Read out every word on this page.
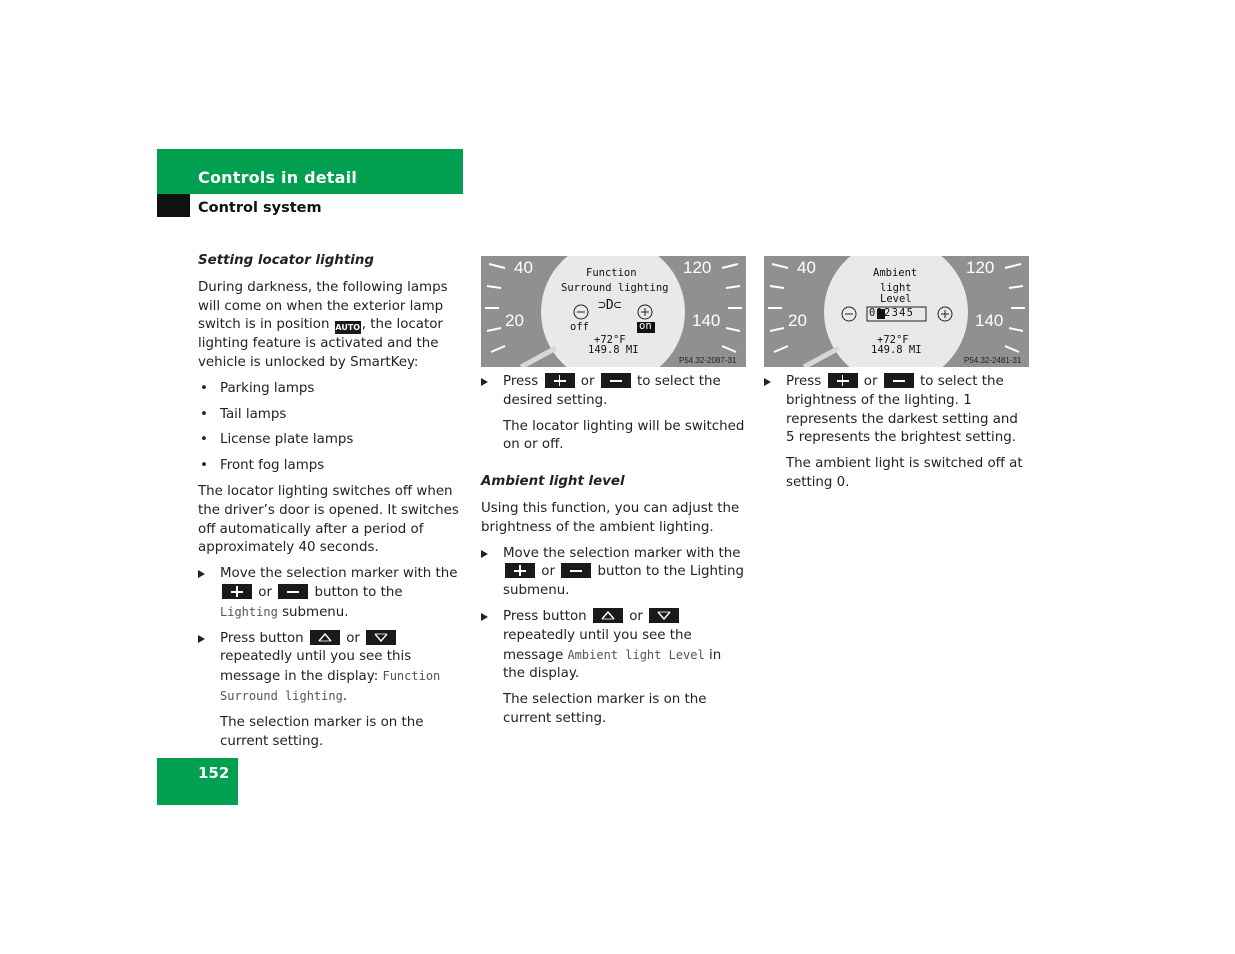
Controls in detail
Control system
Setting locator lighting
During darkness, the following lamps will come on when the exterior lamp switch is in position AUTO , the locator lighting feature is activated and the vehicle is unlocked by SmartKey:
• Parking lamps
• Tail lamps
• License plate lamps
• Front fog lamps
The locator lighting switches off when the driver’s door is opened. It switches off automatically after a period of approximately 40 seconds.
Move the selection marker with the  or	button to the Lighting submenu.
Press button	or
repeatedly until you see this message in the display: Function Surround lighting.
The selection marker is on the current setting.
40	120
20	140
Function
Surround lighting
⊃D⊂
off	on
+72°F
149.8 MI
P54.32-2087-31
Press	or	to select the desired setting.
The locator lighting will be switched on or off.
Ambient light level
Using this function, you can adjust the brightness of the ambient lighting.
Move the selection marker with the  or	button to the Lighting submenu.
Press button	or
repeatedly until you see the message Ambient light Level in the display.
The selection marker is on the current setting.
40	120
20	140
Ambient
light
Level
012345
+72°F
149.8 MI
P54.32-2481-31
Press	or	to select the brightness of the lighting. 1 represents the darkest setting and 5 represents the brightest setting.
The ambient light is switched off at setting 0.
152
